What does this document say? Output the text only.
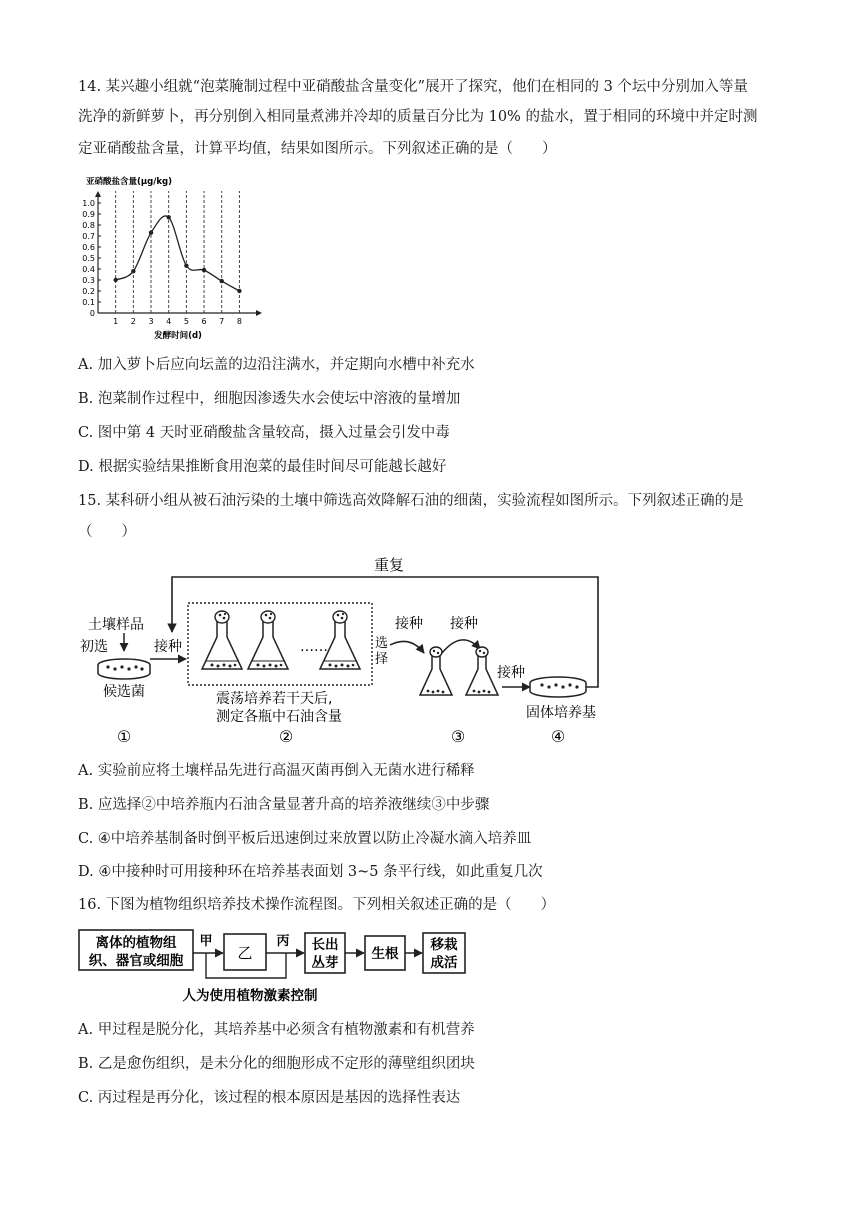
14. 某兴趣小组就“泡菜腌制过程中亚硝酸盐含量变化”展开了探究，他们在相同的 3 个坛中分别加入等量
洗净的新鲜萝卜，再分别倒入相同量煮沸并冷却的质量百分比为 10% 的盐水，置于相同的环境中并定时测
定亚硝酸盐含量，计算平均值，结果如图所示。下列叙述正确的是（　　）
亚硝酸盐含量(μg/kg)
发酵时间(d)
0
0.1
0.2
0.3
0.4
0.5
0.6
0.7
0.8
0.9
1.0
1 2 3 4 5 6 7 8
A. 加入萝卜后应向坛盖的边沿注满水，并定期向水槽中补充水
B. 泡菜制作过程中，细胞因渗透失水会使坛中溶液的量增加
C. 图中第 4 天时亚硝酸盐含量较高，摄入过量会引发中毒
D. 根据实验结果推断食用泡菜的最佳时间尽可能越长越好
15. 某科研小组从被石油污染的土壤中筛选高效降解石油的细菌，实验流程如图所示。下列叙述正确的是
（　　）
重复
土壤样品
初选
候选菌
接种	……
震荡培养若干天后,
测定各瓶中石油含量
选
择
接种 接种
接种
固体培养基
①	②	③	④
A. 实验前应将土壤样品先进行高温灭菌再倒入无菌水进行稀释
B. 应选择②中培养瓶内石油含量显著升高的培养液继续③中步骤
C. ④中培养基制备时倒平板后迅速倒过来放置以防止冷凝水滴入培养皿
D. ④中接种时可用接种环在培养基表面划 3~5 条平行线，如此重复几次
16. 下图为植物组织培养技术操作流程图。下列相关叙述正确的是（　　）
离体的植物组
织、器官或细胞
甲
乙
丙 长出
丛芽
生根
移栽
成活
人为使用植物激素控制
A. 甲过程是脱分化，其培养基中必须含有植物激素和有机营养
B. 乙是愈伤组织，是未分化的细胞形成不定形的薄壁组织团块
C. 丙过程是再分化，该过程的根本原因是基因的选择性表达
